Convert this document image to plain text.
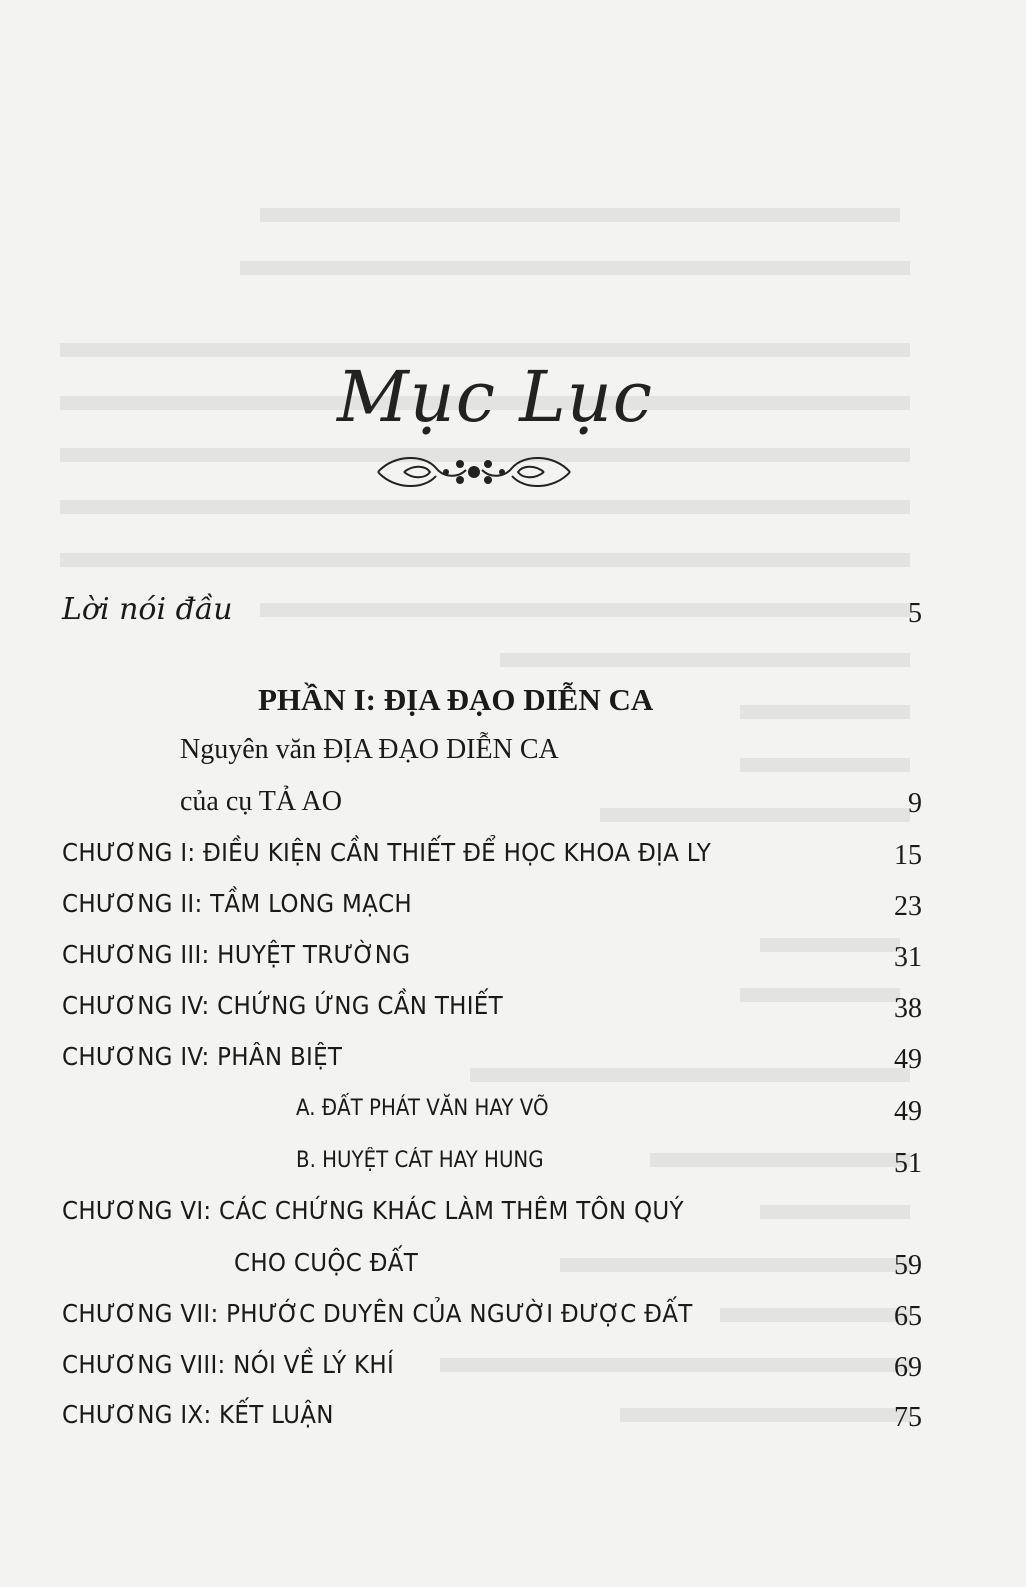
Mục Lục
Lời nói đầu	5
PHẦN I: ĐỊA ĐẠO DIỄN CA
Nguyên văn ĐỊA ĐẠO DIỄN CA
của cụ TẢ AO	9
CHƯƠNG I: ĐIỀU KIỆN CẦN THIẾT ĐỂ HỌC KHOA ĐỊA LY	15
CHƯƠNG II: TẦM LONG MẠCH	23
CHƯƠNG III: HUYỆT TRƯỜNG	31
CHƯƠNG IV: CHỨNG ỨNG CẦN THIẾT	38
CHƯƠNG IV: PHÂN BIỆT	49
A. ĐẤT PHÁT VĂN HAY VÕ	49
B. HUYỆT CÁT HAY HUNG	51
CHƯƠNG VI: CÁC CHỨNG KHÁC LÀM THÊM TÔN QUÝ
CHO CUỘC ĐẤT	59
CHƯƠNG VII: PHƯỚC DUYÊN CỦA NGƯỜI ĐƯỢC ĐẤT	65
CHƯƠNG VIII: NÓI VỀ LÝ KHÍ	69
CHƯƠNG IX: KẾT LUẬN	75
